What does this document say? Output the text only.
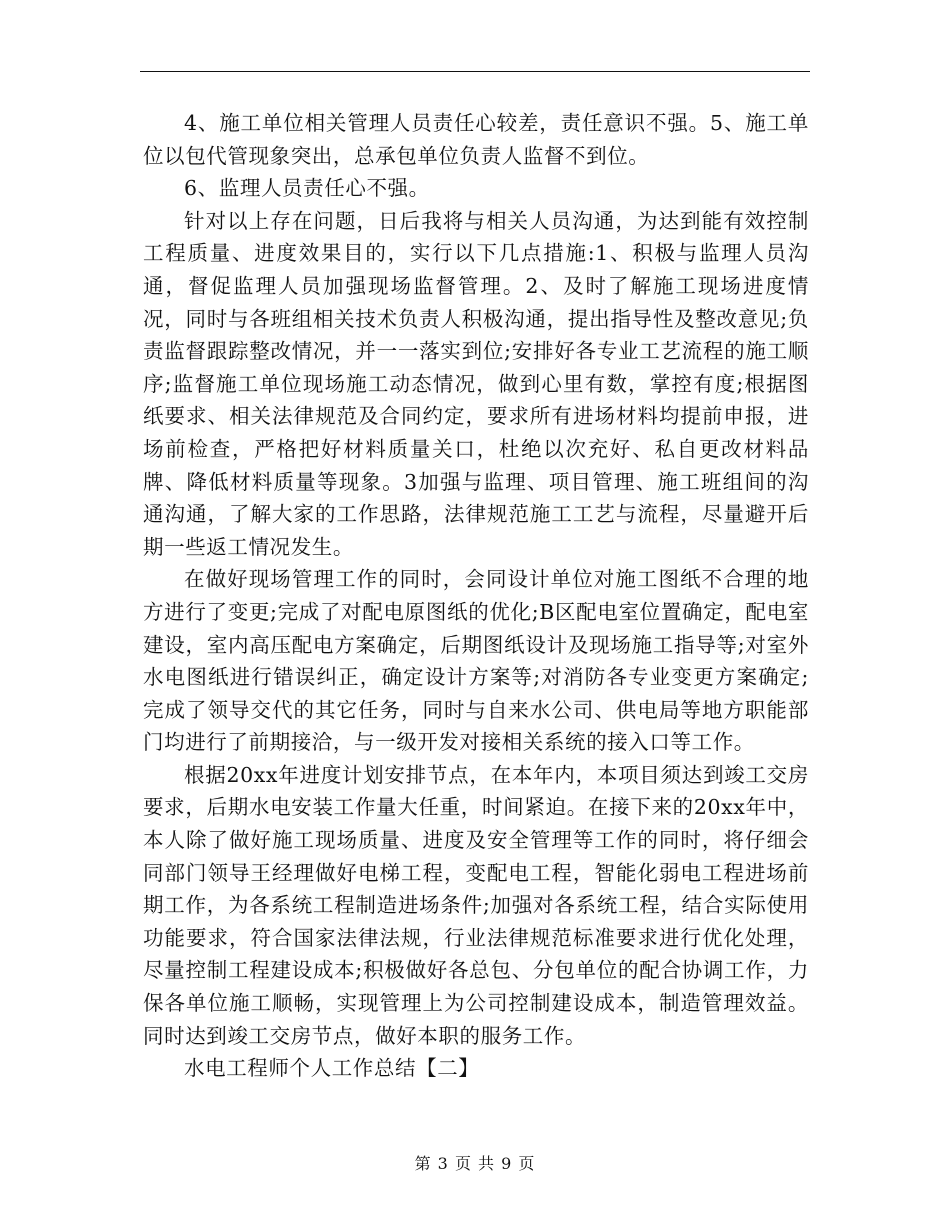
4、施工单位相关管理人员责任心较差，责任意识不强。5、施工单位以包代管现象突出，总承包单位负责人监督不到位。

6、监理人员责任心不强。

针对以上存在问题，日后我将与相关人员沟通，为达到能有效控制工程质量、进度效果目的，实行以下几点措施:1、积极与监理人员沟通，督促监理人员加强现场监督管理。2、及时了解施工现场进度情况，同时与各班组相关技术负责人积极沟通，提出指导性及整改意见;负责监督跟踪整改情况，并一一落实到位;安排好各专业工艺流程的施工顺序;监督施工单位现场施工动态情况，做到心里有数，掌控有度;根据图纸要求、相关法律规范及合同约定，要求所有进场材料均提前申报，进场前检查，严格把好材料质量关口，杜绝以次充好、私自更改材料品牌、降低材料质量等现象。3加强与监理、项目管理、施工班组间的沟通沟通，了解大家的工作思路，法律规范施工工艺与流程，尽量避开后期一些返工情况发生。

在做好现场管理工作的同时，会同设计单位对施工图纸不合理的地方进行了变更;完成了对配电原图纸的优化;B区配电室位置确定，配电室建设，室内高压配电方案确定，后期图纸设计及现场施工指导等;对室外水电图纸进行错误纠正，确定设计方案等;对消防各专业变更方案确定;完成了领导交代的其它任务，同时与自来水公司、供电局等地方职能部门均进行了前期接洽，与一级开发对接相关系统的接入口等工作。

根据20xx年进度计划安排节点，在本年内，本项目须达到竣工交房要求，后期水电安装工作量大任重，时间紧迫。在接下来的20xx年中，本人除了做好施工现场质量、进度及安全管理等工作的同时，将仔细会同部门领导王经理做好电梯工程，变配电工程，智能化弱电工程进场前期工作，为各系统工程制造进场条件;加强对各系统工程，结合实际使用功能要求，符合国家法律法规，行业法律规范标准要求进行优化处理，尽量控制工程建设成本;积极做好各总包、分包单位的配合协调工作，力保各单位施工顺畅，实现管理上为公司控制建设成本，制造管理效益。同时达到竣工交房节点，做好本职的服务工作。

水电工程师个人工作总结【二】

第 3 页 共 9 页
